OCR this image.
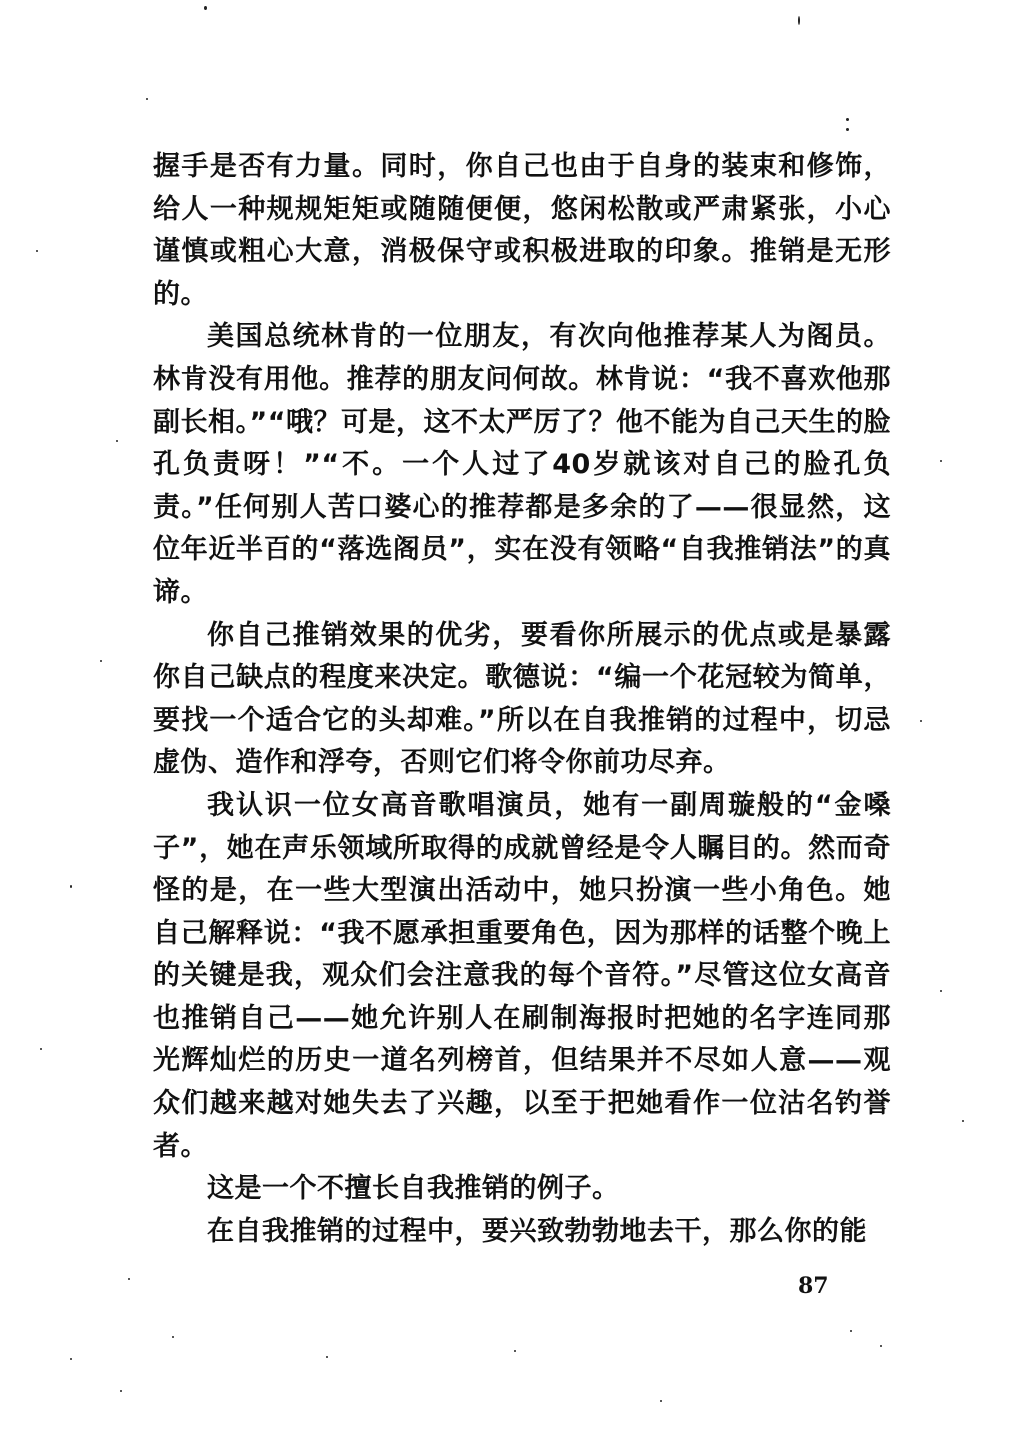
握手是否有力量。同时，你自己也由于自身的装束和修饰，给人一种规规矩矩或随随便便，悠闲松散或严肃紧张，小心谨慎或粗心大意，消极保守或积极进取的印象。推销是无形的。

美国总统林肯的一位朋友，有次向他推荐某人为阁员。林肯没有用他。推荐的朋友问何故。林肯说：“我不喜欢他那副长相。”“哦？可是，这不太严厉了？他不能为自己天生的脸孔负责呀！”“不。一个人过了40岁就该对自己的脸孔负责。”任何别人苦口婆心的推荐都是多余的了——很显然，这位年近半百的“落选阁员”，实在没有领略“自我推销法”的真谛。

你自己推销效果的优劣，要看你所展示的优点或是暴露你自己缺点的程度来决定。歌德说：“编一个花冠较为简单，要找一个适合它的头却难。”所以在自我推销的过程中，切忌虚伪、造作和浮夸，否则它们将令你前功尽弃。

我认识一位女高音歌唱演员，她有一副周璇般的“金嗓子”，她在声乐领域所取得的成就曾经是令人瞩目的。然而奇怪的是，在一些大型演出活动中，她只扮演一些小角色。她自己解释说：“我不愿承担重要角色，因为那样的话整个晚上的关键是我，观众们会注意我的每个音符。”尽管这位女高音也推销自己——她允许别人在刷制海报时把她的名字连同那光辉灿烂的历史一道名列榜首，但结果并不尽如人意——观众们越来越对她失去了兴趣，以至于把她看作一位沽名钓誉者。

这是一个不擅长自我推销的例子。

在自我推销的过程中，要兴致勃勃地去干，那么你的能

87
